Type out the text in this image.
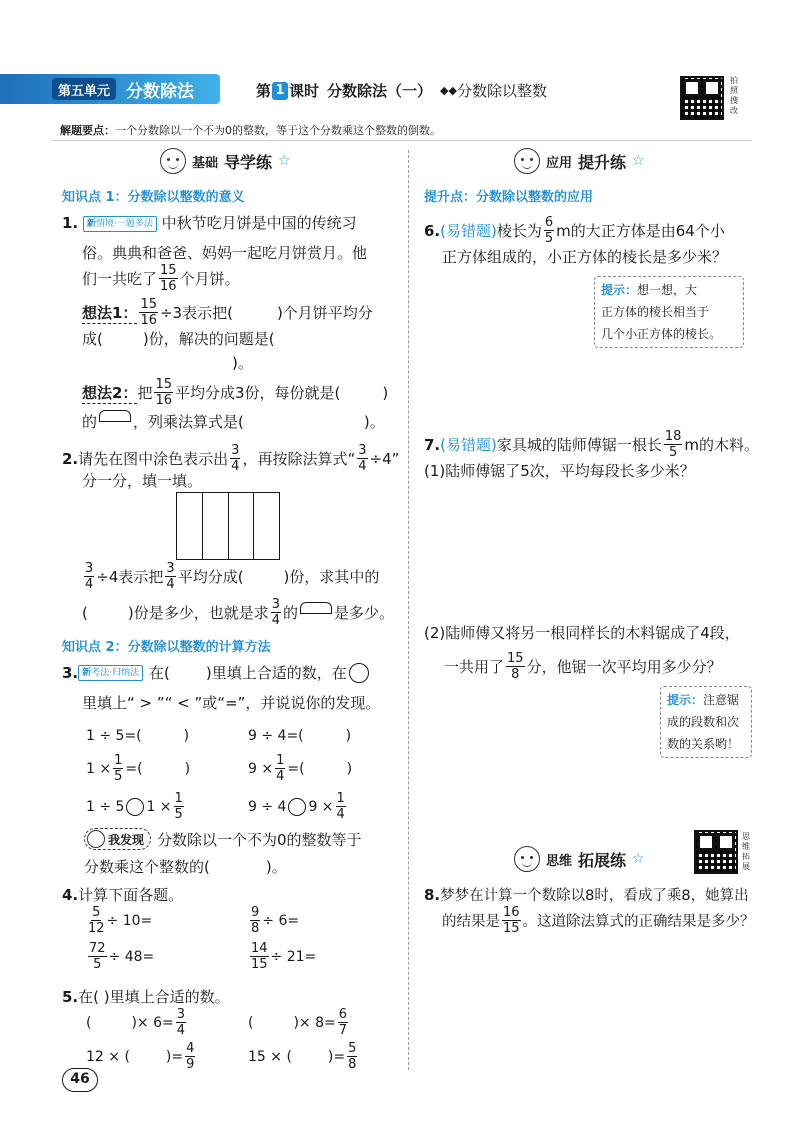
第五单元 分数除法	第 1 课时 分数除法（一） ◆◆ 分数除以整数
拍照搜改
解题要点：一个分数除以一个不为0的整数，等于这个分数乘这个整数的倒数。
基础 导学练 ☆
知识点 1：分数除以整数的意义
1. 新情境·一题多法 中秋节吃月饼是中国的传统习
俗。典典和爸爸、妈妈一起吃月饼赏月。他
们一共吃了 $\frac{15}{16}$ 个月饼。
想法1： $\frac{15}{16} \div 3$表示把(	)个月饼平均分
成(	)份，解决的问题是(
)。
想法2： 把 $\frac{15}{16}$ 平均分成3份，每份就是(	)
的 ，列乘法算式是(	)。
2. 请先在图中涂色表示出 $\frac{3}{4}$ ，再按除法算式“ $\frac{3}{4} \div 4$”
分一分，填一填。
$\frac{3}{4} \div 4$表示把 $\frac{3}{4}$ 平均分成(	)份，求其中的
(	)份是多少，也就是求 $\frac{3}{4}$ 的 是多少。
知识点 2：分数除以整数的计算方法
3. 新考法·归纳法 在( )里填上合适的数，在
里填上“ > ”“ < ”或“=”，并说说你的发现。
1 ÷ 5=(	)	9 ÷ 4=(	)
$1 \times \frac{1}{5}$ =(	)	$9 \times \frac{1}{4}$ =(	)
1 ÷ 5 $1 \times \frac{1}{5}$	9 ÷ 4 $9 \times \frac{1}{4}$
我发现 分数除以一个不为0的整数等于
分数乘这个整数的(	)。
4.计算下面各题。
$\frac{5}{12} \div 10=$	$\frac{9}{8} \div 6=$
$\frac{72}{5} \div 48=$	$\frac{14}{15} \div 21=$
5.在( )里填上合适的数。
(	)× $6= \frac{3}{4}$	(	)× $8= \frac{6}{7}$
12 × (	)= $\frac{4}{9}$	15 × (	)= $\frac{5}{8}$
46
应用 提升练 ☆
提升点：分数除以整数的应用
6. (易错题) 棱长为 $\frac{6}{5}$ m的大正方体是由64个小
正方体组成的，小正方体的棱长是多少米？
提示：想一想，大
正方体的棱长相当于
几个小正方体的棱长。
7. (易错题) 家具城的陆师傅锯一根长 $\frac{18}{5}$ m的木料。
(1)陆师傅锯了5次，平均每段长多少米？
(2)陆师傅又将另一根同样长的木料锯成了4段，
一共用了 $\frac{15}{8}$ 分，他锯一次平均用多少分？
提示：注意锯
成的段数和次
数的关系哟！
思维 拓展练 ☆
思维拓展
8.梦梦在计算一个数除以8时，看成了乘8，她算出
的结果是 $\frac{16}{15}$ 。这道除法算式的正确结果是多少？
